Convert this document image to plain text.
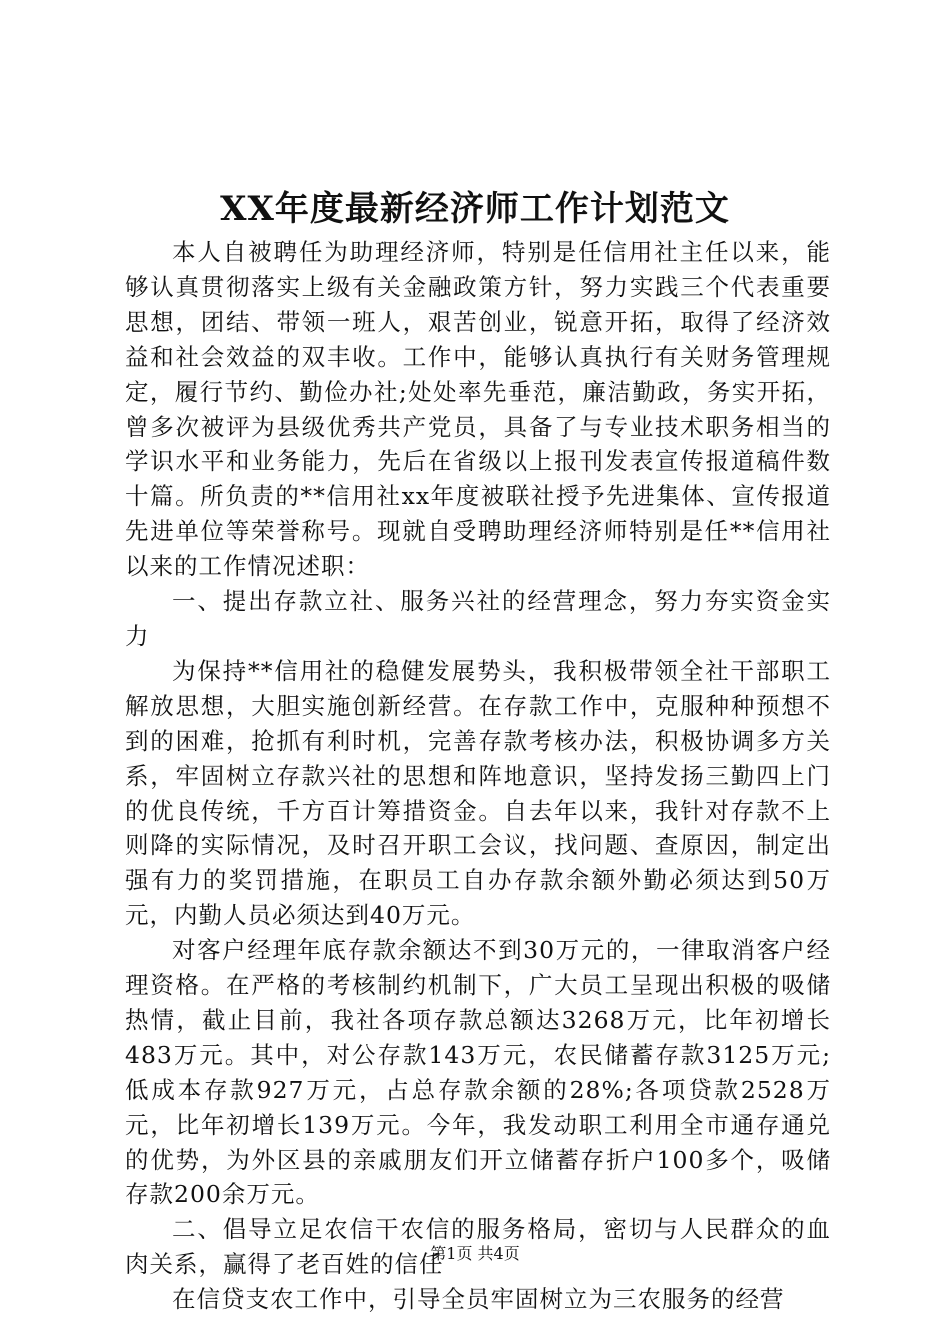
XX年度最新经济师工作计划范文

本人自被聘任为助理经济师，特别是任信用社主任以来，能够认真贯彻落实上级有关金融政策方针，努力实践三个代表重要思想，团结、带领一班人，艰苦创业，锐意开拓，取得了经济效益和社会效益的双丰收。工作中，能够认真执行有关财务管理规定，履行节约、勤俭办社;处处率先垂范，廉洁勤政，务实开拓，曾多次被评为县级优秀共产党员，具备了与专业技术职务相当的学识水平和业务能力，先后在省级以上报刊发表宣传报道稿件数十篇。所负责的**信用社xx年度被联社授予先进集体、宣传报道先进单位等荣誉称号。现就自受聘助理经济师特别是任**信用社以来的工作情况述职：

一、提出存款立社、服务兴社的经营理念，努力夯实资金实力

为保持**信用社的稳健发展势头，我积极带领全社干部职工解放思想，大胆实施创新经营。在存款工作中，克服种种预想不到的困难，抢抓有利时机，完善存款考核办法，积极协调多方关系，牢固树立存款兴社的思想和阵地意识，坚持发扬三勤四上门的优良传统，千方百计筹措资金。自去年以来，我针对存款不上则降的实际情况，及时召开职工会议，找问题、查原因，制定出强有力的奖罚措施，在职员工自办存款余额外勤必须达到50万元，内勤人员必须达到40万元。

对客户经理年底存款余额达不到30万元的，一律取消客户经理资格。在严格的考核制约机制下，广大员工呈现出积极的吸储热情，截止目前，我社各项存款总额达3268万元，比年初增长483万元。其中，对公存款143万元，农民储蓄存款3125万元;低成本存款927万元，占总存款余额的28%;各项贷款2528万元，比年初增长139万元。今年，我发动职工利用全市通存通兑的优势，为外区县的亲戚朋友们开立储蓄存折户100多个，吸储存款200余万元。

二、倡导立足农信干农信的服务格局，密切与人民群众的血肉关系，赢得了老百姓的信任

在信贷支农工作中，引导全员牢固树立为三农服务的经营

第1页 共4页
